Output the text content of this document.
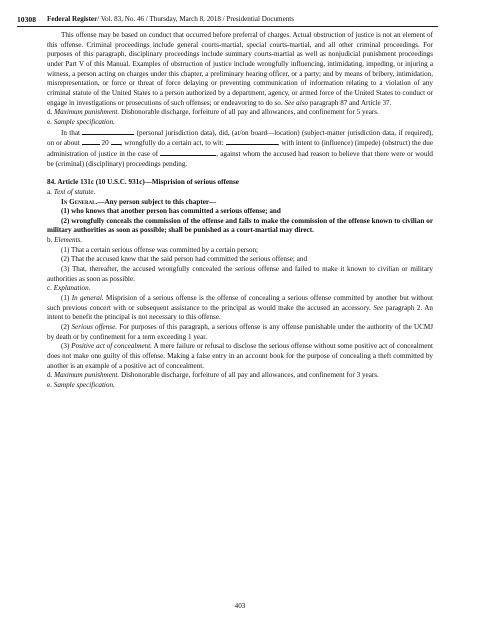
10308 Federal Register/ Vol. 83, No. 46 / Thursday, March 8, 2018 / Presidential Documents

This offense may be based on conduct that occurred before preferral of charges. Actual obstruction of justice is not an element of this offense. Criminal proceedings include general courts-martial, special courts-martial, and all other criminal proceedings. For purposes of this paragraph, disciplinary proceedings include summary courts-martial as well as nonjudicial punishment proceedings under Part V of this Manual. Examples of obstruction of justice include wrongfully influencing, intimidating, impeding, or injuring a witness, a person acting on charges under this chapter, a preliminary hearing officer, or a party; and by means of bribery, intimidation, misrepresentation, or force or threat of force delaying or preventing communication of information relating to a violation of any criminal statute of the United States to a person authorized by a department, agency, or armed force of the United States to conduct or engage in investigations or prosecutions of such offenses; or endeavoring to do so. See also paragraph 87 and Article 37.

d. Maximum punishment. Dishonorable discharge, forfeiture of all pay and allowances, and confinement for 5 years.

e. Sample specification.

In that	(personal jurisdiction data), did, (at/on board—location) (subject-matter jurisdiction data, if required), on or about	20 , wrongfully do a certain act, to wit:	, with intent to (influence) (impede) (obstruct) the due administration of justice in the case of	, against whom the accused had reason to believe that there were or would be (criminal) (disciplinary) proceedings pending.

84. Article 131c (10 U.S.C. 931c)—Misprision of serious offense

a. Text of statute.

In General.—Any person subject to this chapter—

(1) who knows that another person has committed a serious offense; and

(2) wrongfully conceals the commission of the offense and fails to make the commission of the offense known to civilian or military authorities as soon as possible; shall be punished as a court-martial may direct.

b. Elements.

(1) That a certain serious offense was committed by a certain person;

(2) That the accused knew that the said person had committed the serious offense; and

(3) That, thereafter, the accused wrongfully concealed the serious offense and failed to make it known to civilian or military authorities as soon as possible.

c. Explanation.

(1) In general. Misprision of a serious offense is the offense of concealing a serious offense committed by another but without such previous concert with or subsequent assistance to the principal as would make the accused an accessory. See paragraph 2. An intent to benefit the principal is not necessary to this offense.

(2) Serious offense. For purposes of this paragraph, a serious offense is any offense punishable under the authority of the UCMJ by death or by confinement for a term exceeding 1 year.

(3) Positive act of concealment. A mere failure or refusal to disclose the serious offense without some positive act of concealment does not make one guilty of this offense. Making a false entry in an account book for the purpose of concealing a theft committed by another is an example of a positive act of concealment.

d. Maximum punishment. Dishonorable discharge, forfeiture of all pay and allowances, and confinement for 3 years.

e. Sample specification.

403
